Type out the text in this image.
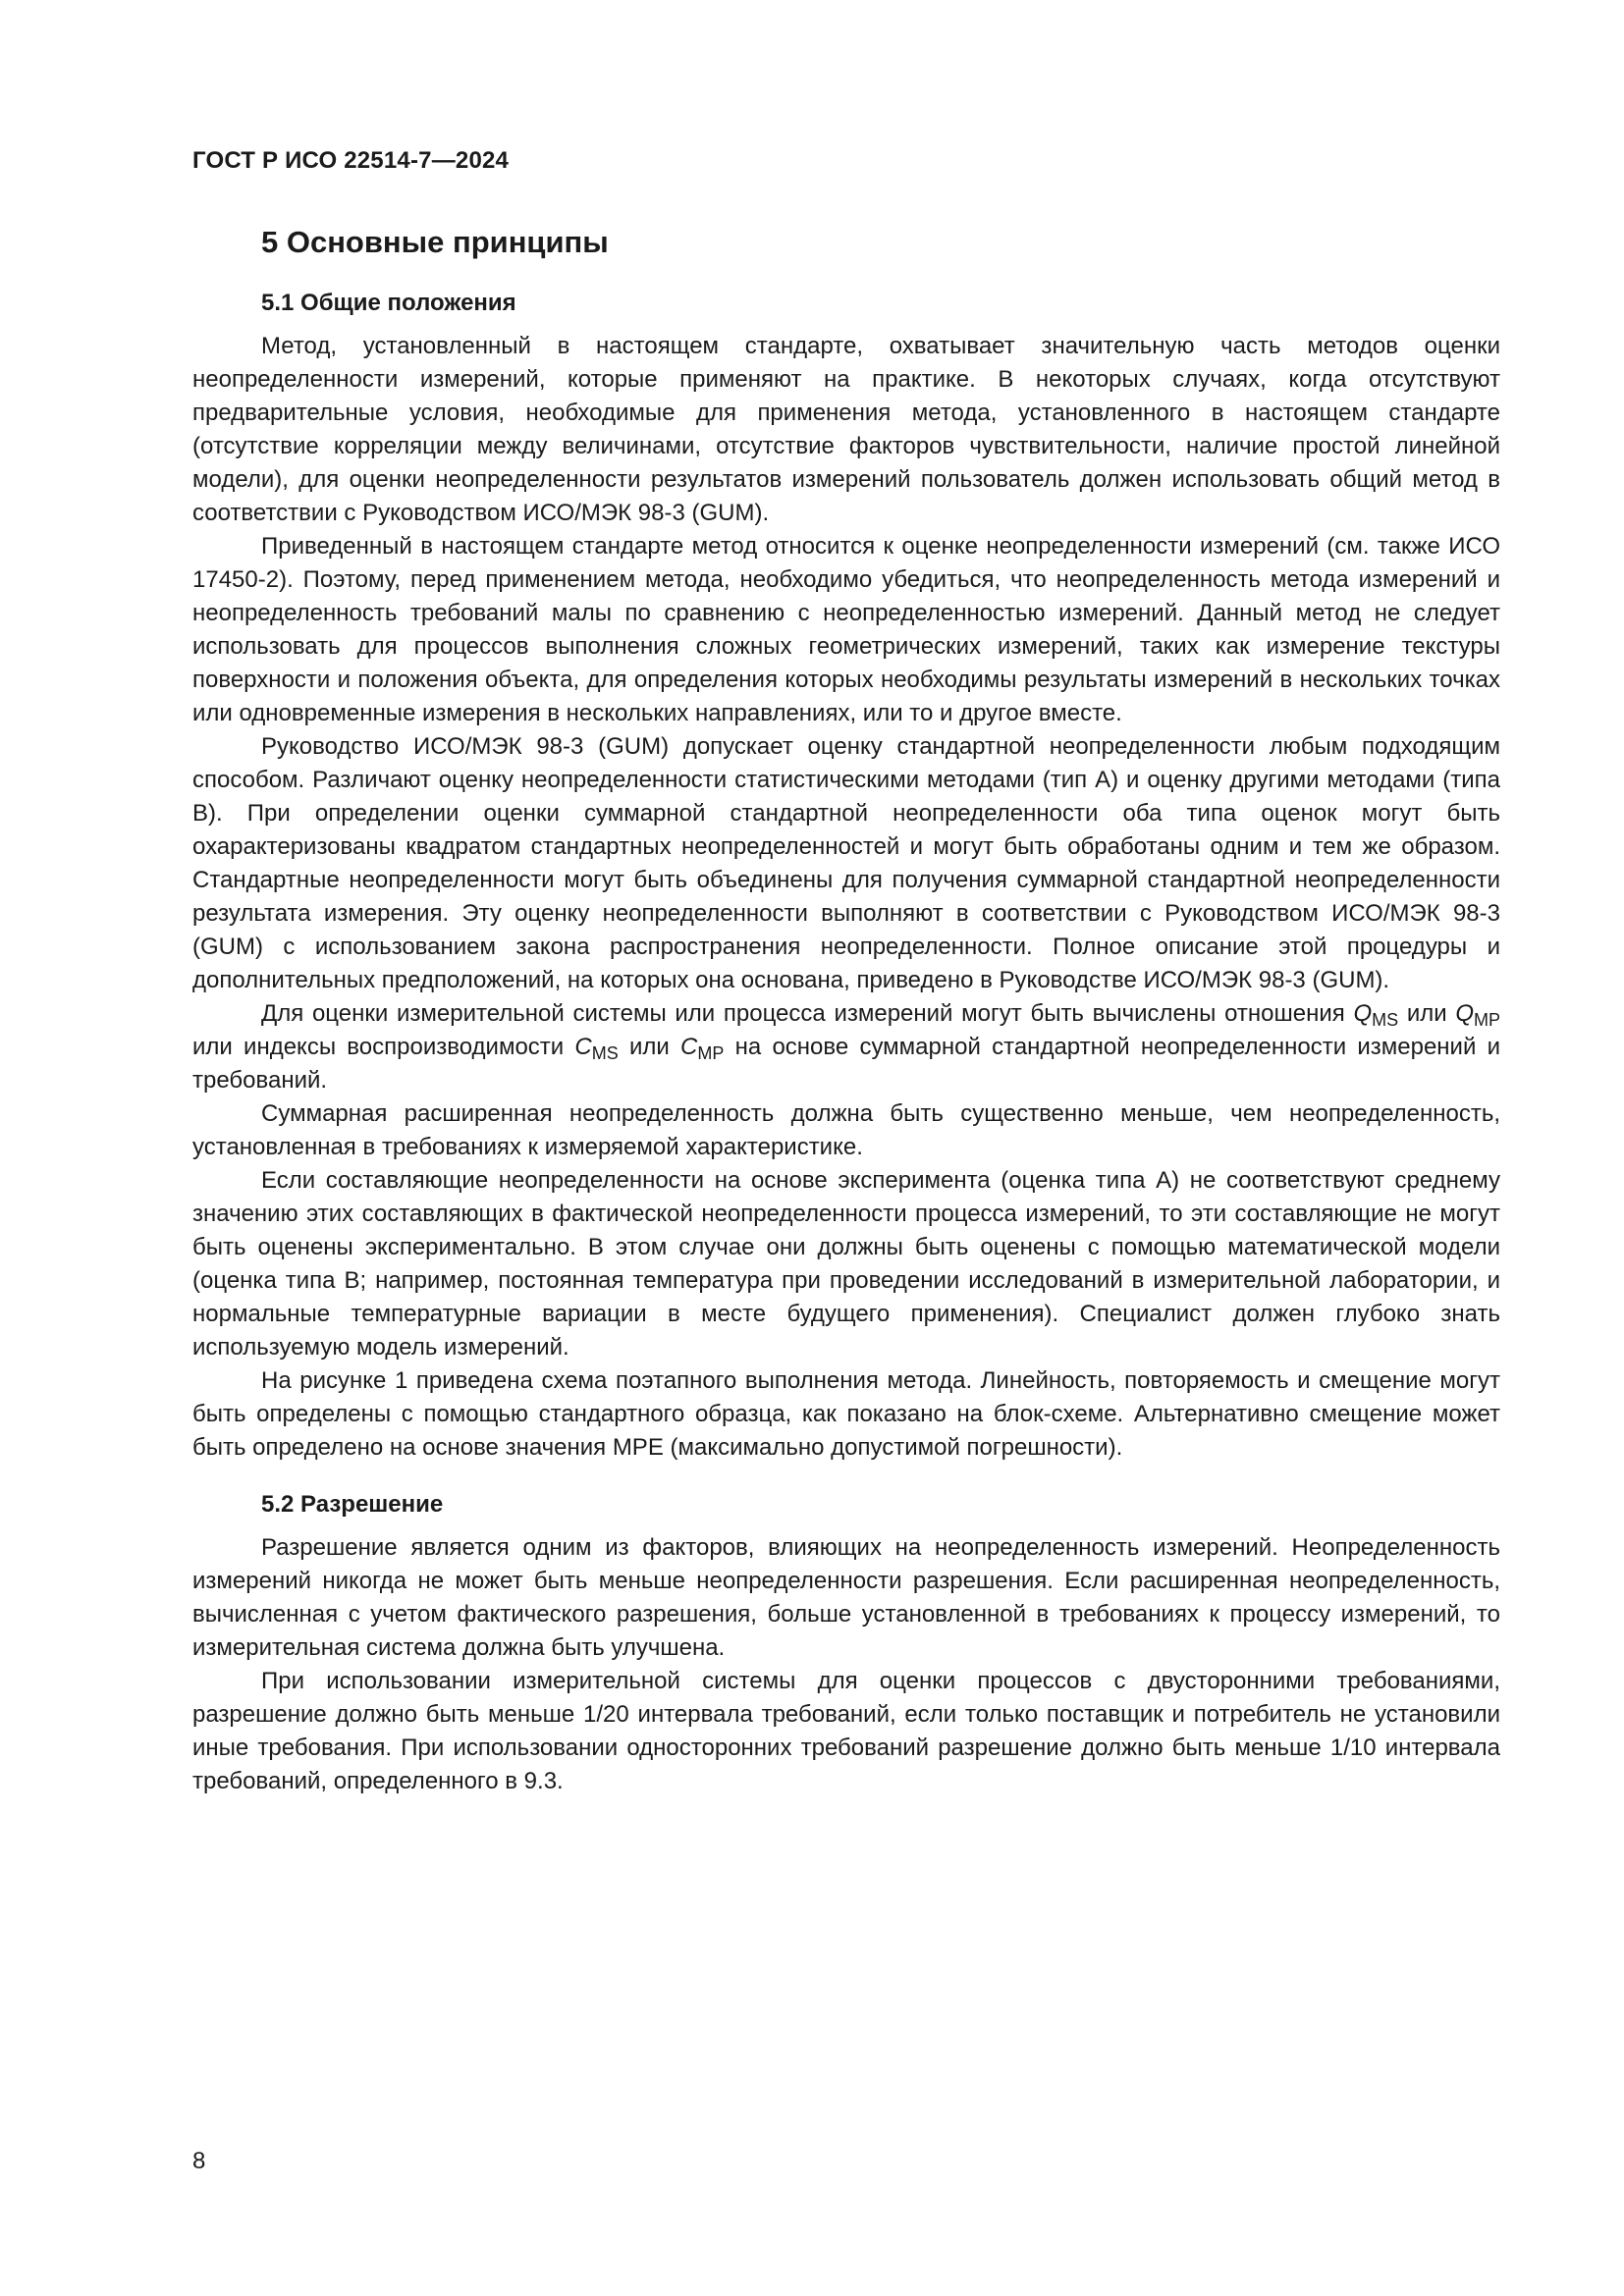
ГОСТ Р ИСО 22514-7—2024
5 Основные принципы
5.1 Общие положения

Метод, установленный в настоящем стандарте, охватывает значительную часть методов оценки неопределенности измерений, которые применяют на практике. В некоторых случаях, когда отсутствуют предварительные условия, необходимые для применения метода, установленного в настоящем стандарте (отсутствие корреляции между величинами, отсутствие факторов чувствительности, наличие простой линейной модели), для оценки неопределенности результатов измерений пользователь должен использовать общий метод в соответствии с Руководством ИСО/МЭК 98-3 (GUM).

Приведенный в настоящем стандарте метод относится к оценке неопределенности измерений (см. также ИСО 17450-2). Поэтому, перед применением метода, необходимо убедиться, что неопределенность метода измерений и неопределенность требований малы по сравнению с неопределенностью измерений. Данный метод не следует использовать для процессов выполнения сложных геометрических измерений, таких как измерение текстуры поверхности и положения объекта, для определения которых необходимы результаты измерений в нескольких точках или одновременные измерения в нескольких направлениях, или то и другое вместе.

Руководство ИСО/МЭК 98-3 (GUM) допускает оценку стандартной неопределенности любым подходящим способом. Различают оценку неопределенности статистическими методами (тип А) и оценку другими методами (типа В). При определении оценки суммарной стандартной неопределенности оба типа оценок могут быть охарактеризованы квадратом стандартных неопределенностей и могут быть обработаны одним и тем же образом. Стандартные неопределенности могут быть объединены для получения суммарной стандартной неопределенности результата измерения. Эту оценку неопределенности выполняют в соответствии с Руководством ИСО/МЭК 98-3 (GUM) с использованием закона распространения неопределенности. Полное описание этой процедуры и дополнительных предположений, на которых она основана, приведено в Руководстве ИСО/МЭК 98-3 (GUM).

Для оценки измерительной системы или процесса измерений могут быть вычислены отношения $Q_{MS}$ или $Q_{MP}$ или индексы воспроизводимости $C_{MS}$ или $C_{MP}$ на основе суммарной стандартной неопределенности измерений и требований.

Суммарная расширенная неопределенность должна быть существенно меньше, чем неопределенность, установленная в требованиях к измеряемой характеристике.

Если составляющие неопределенности на основе эксперимента (оценка типа А) не соответствуют среднему значению этих составляющих в фактической неопределенности процесса измерений, то эти составляющие не могут быть оценены экспериментально. В этом случае они должны быть оценены с помощью математической модели (оценка типа В; например, постоянная температура при проведении исследований в измерительной лаборатории, и нормальные температурные вариации в месте будущего применения). Специалист должен глубоко знать используемую модель измерений.

На рисунке 1 приведена схема поэтапного выполнения метода. Линейность, повторяемость и смещение могут быть определены с помощью стандартного образца, как показано на блок-схеме. Альтернативно смещение может быть определено на основе значения МРЕ (максимально допустимой погрешности).

5.2 Разрешение

Разрешение является одним из факторов, влияющих на неопределенность измерений. Неопределенность измерений никогда не может быть меньше неопределенности разрешения. Если расширенная неопределенность, вычисленная с учетом фактического разрешения, больше установленной в требованиях к процессу измерений, то измерительная система должна быть улучшена.

При использовании измерительной системы для оценки процессов с двусторонними требованиями, разрешение должно быть меньше 1/20 интервала требований, если только поставщик и потребитель не установили иные требования. При использовании односторонних требований разрешение должно быть меньше 1/10 интервала требований, определенного в 9.3.

8
